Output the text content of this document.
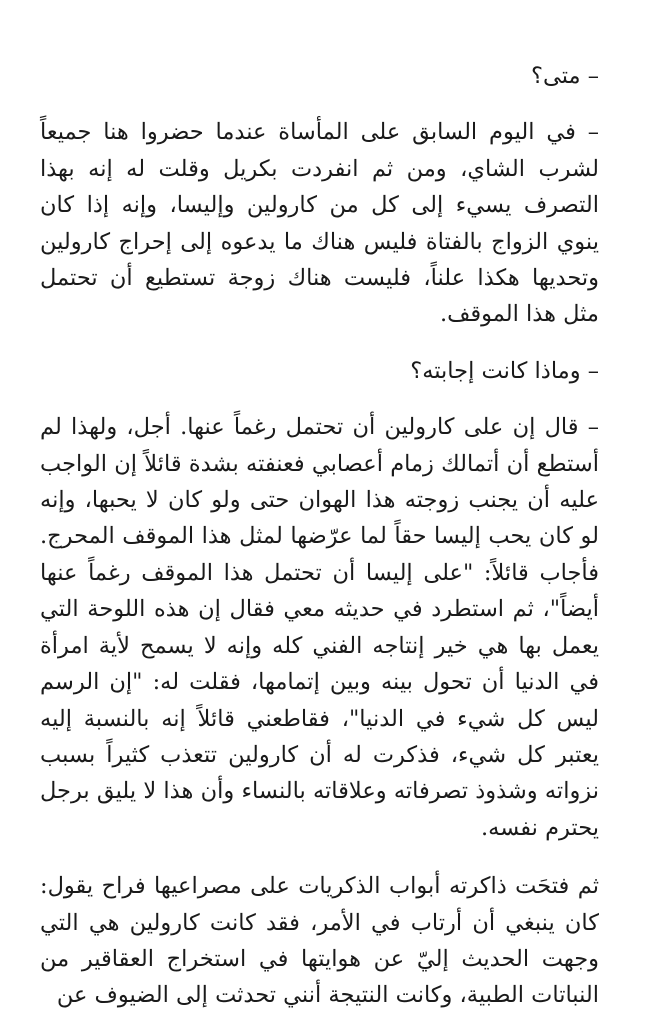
– متى؟

– في اليوم السابق على المأساة عندما حضروا هنا جميعاً لشرب الشاي، ومن ثم انفردت بكريل وقلت له إنه بهذا التصرف يسيء إلى كل من كارولين وإليسا، وإنه إذا كان ينوي الزواج بالفتاة فليس هناك ما يدعوه إلى إحراج كارولين وتحديها هكذا علناً، فليست هناك زوجة تستطيع أن تحتمل مثل هذا الموقف.

– وماذا كانت إجابته؟

– قال إن على كارولين أن تحتمل رغماً عنها. أجل، ولهذا لم أستطع أن أتمالك زمام أعصابي فعنفته بشدة قائلاً إن الواجب عليه أن يجنب زوجته هذا الهوان حتى ولو كان لا يحبها، وإنه لو كان يحب إليسا حقاً لما عرّضها لمثل هذا الموقف المحرج. فأجاب قائلاً: "على إليسا أن تحتمل هذا الموقف رغماً عنها أيضاً"، ثم استطرد في حديثه معي فقال إن هذه اللوحة التي يعمل بها هي خير إنتاجه الفني كله وإنه لا يسمح لأية امرأة في الدنيا أن تحول بينه وبين إتمامها، فقلت له: "إن الرسم ليس كل شيء في الدنيا"، فقاطعني قائلاً إنه بالنسبة إليه يعتبر كل شيء، فذكرت له أن كارولين تتعذب كثيراً بسبب نزواته وشذوذ تصرفاته وعلاقاته بالنساء وأن هذا لا يليق برجل يحترم نفسه.

ثم فتحَت ذاكرته أبواب الذكريات على مصراعيها فراح يقول: كان ينبغي أن أرتاب في الأمر، فقد كانت كارولين هي التي وجهت الحديث إليّ عن هوايتها في استخراج العقاقير من النباتات الطبية، وكانت النتيجة أنني تحدثت إلى الضيوف عن
